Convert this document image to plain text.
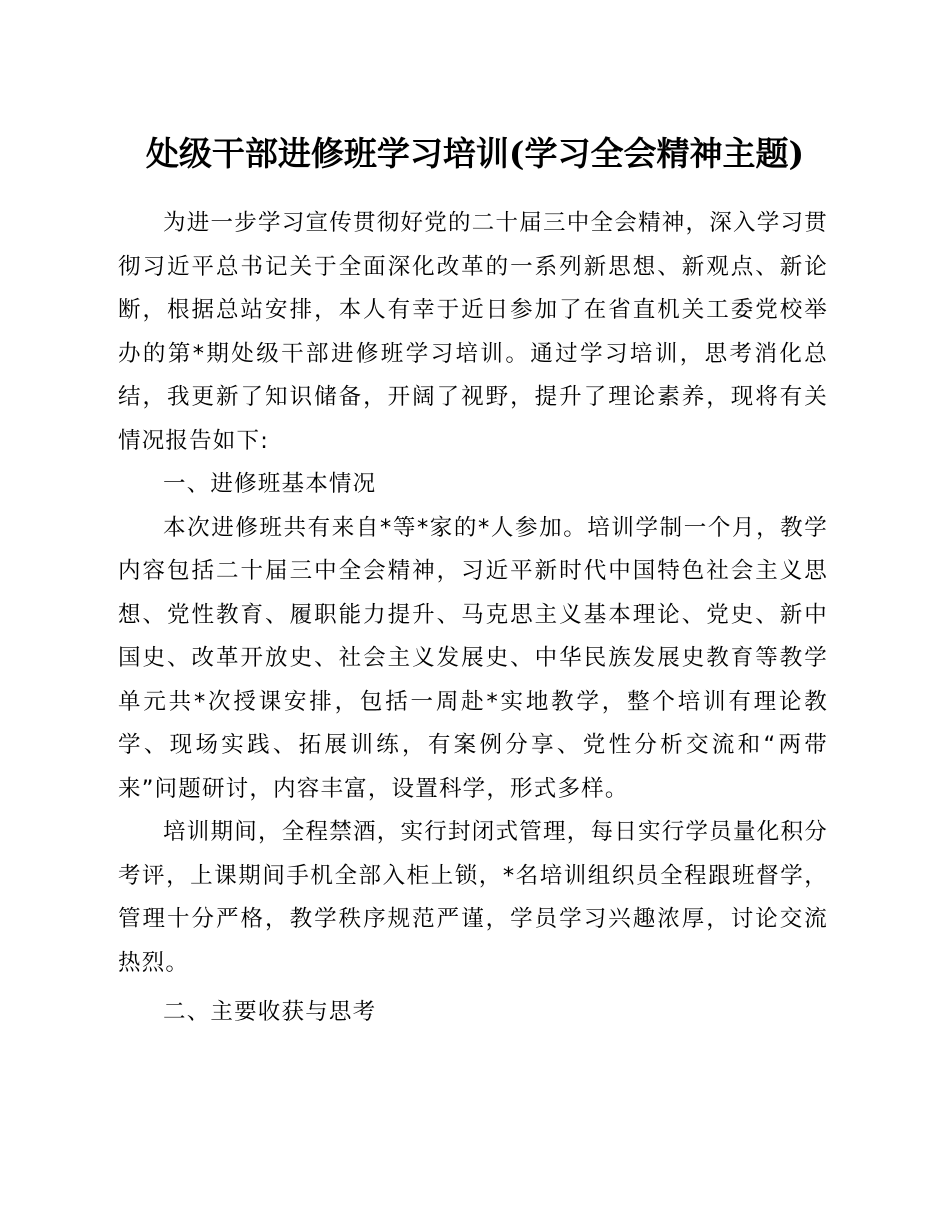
处级干部进修班学习培训(学习全会精神主题)

为进一步学习宣传贯彻好党的二十届三中全会精神，深入学习贯彻习近平总书记关于全面深化改革的一系列新思想、新观点、新论断，根据总站安排，本人有幸于近日参加了在省直机关工委党校举办的第*期处级干部进修班学习培训。通过学习培训，思考消化总结，我更新了知识储备，开阔了视野，提升了理论素养，现将有关情况报告如下:

一、进修班基本情况

本次进修班共有来自*等*家的*人参加。培训学制一个月，教学内容包括二十届三中全会精神，习近平新时代中国特色社会主义思想、党性教育、履职能力提升、马克思主义基本理论、党史、新中国史、改革开放史、社会主义发展史、中华民族发展史教育等教学单元共*次授课安排，包括一周赴*实地教学，整个培训有理论教学、现场实践、拓展训练，有案例分享、党性分析交流和“两带来”问题研讨，内容丰富，设置科学，形式多样。

培训期间，全程禁酒，实行封闭式管理，每日实行学员量化积分考评，上课期间手机全部入柜上锁，*名培训组织员全程跟班督学，管理十分严格，教学秩序规范严谨，学员学习兴趣浓厚，讨论交流热烈。

二、主要收获与思考
